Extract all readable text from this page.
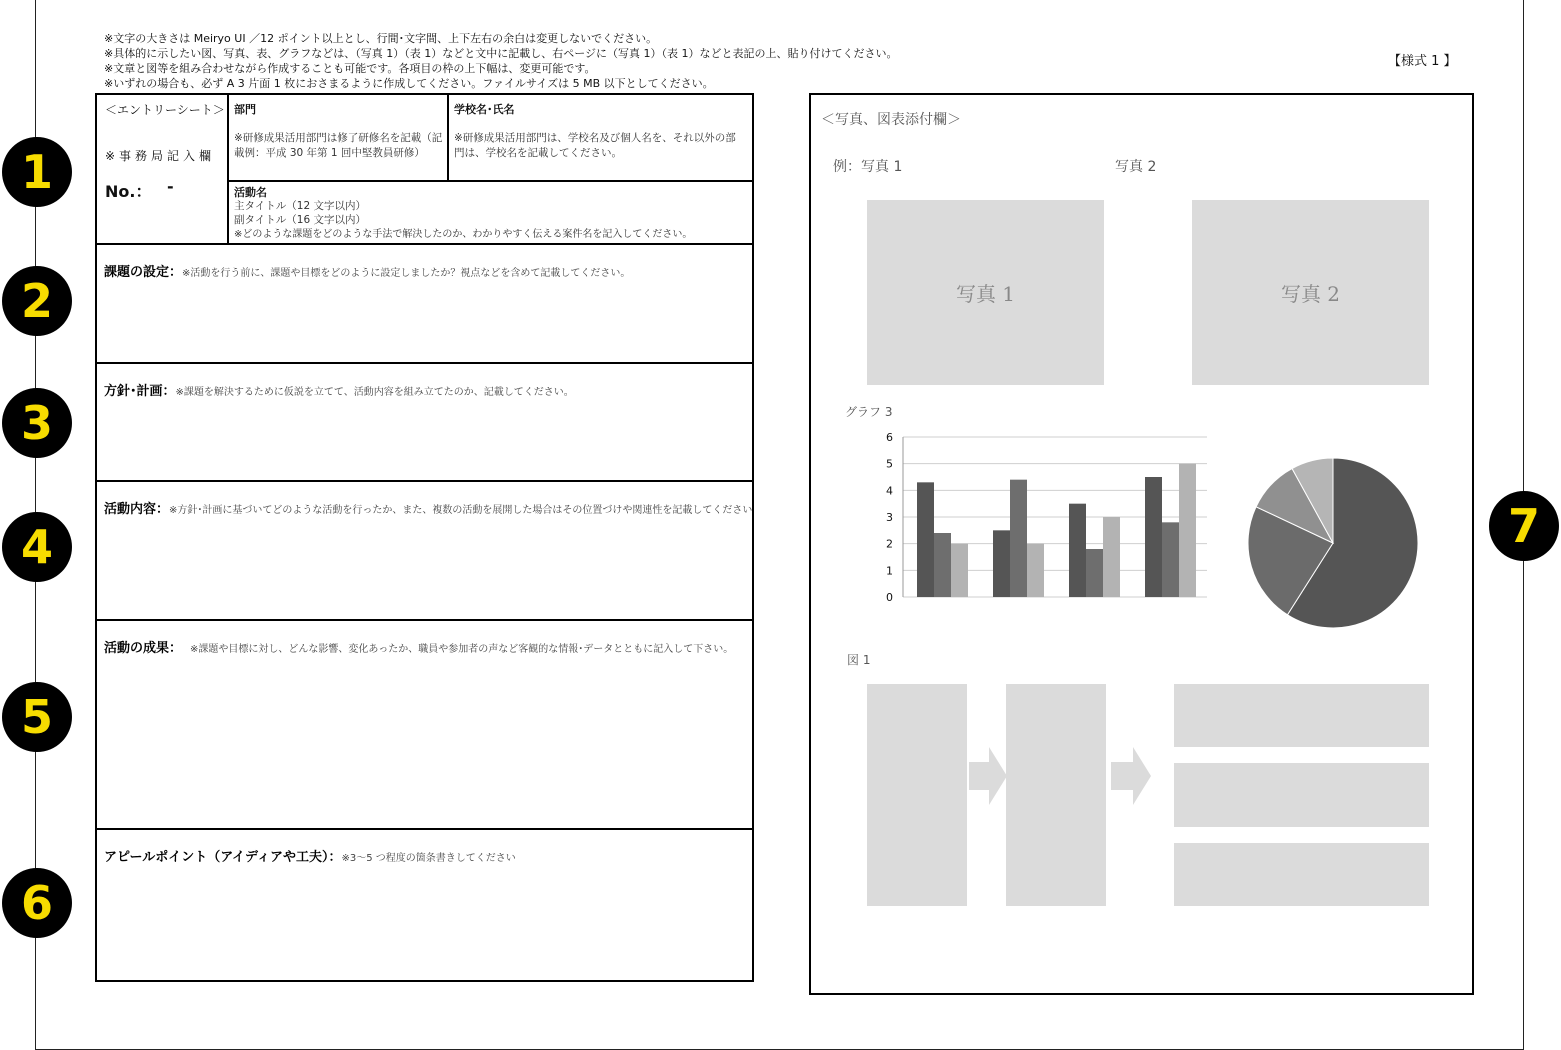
※文字の大きさは Meiryo UI ／12 ポイント以上とし、行間･文字間、上下左右の余白は変更しないでください。
※具体的に示したい図、写真、表、グラフなどは、（写真 1）（表 1）などと文中に記載し、右ページに（写真 1）（表 1）などと表記の上、貼り付けてください。
※文章と図等を組み合わせながら作成することも可能です。各項目の枠の上下幅は、変更可能です。
※いずれの場合も、必ず A 3 片面 1 枚におさまるように作成してください。ファイルサイズは 5 MB 以下としてください。
【様式 1 】
＜エントリーシート＞
※事務局記入欄
No.： -
部門
※研修成果活用部門は修了研修名を記載（記載例：平成 30 年第 1 回中堅教員研修）
学校名･氏名
※研修成果活用部門は、学校名及び個人名を、それ以外の部門は、学校名を記載してください。
活動名
主タイトル（12 文字以内）
副タイトル（16 文字以内）
※どのような課題をどのような手法で解決したのか、わかりやすく伝える案件名を記入してください。
課題の設定：※活動を行う前に、課題や目標をどのように設定しましたか？視点などを含めて記載してください。
方針･計画：※課題を解決するために仮説を立てて、活動内容を組み立てたのか、記載してください。
活動内容：※方針･計画に基づいてどのような活動を行ったか、また、複数の活動を展開した場合はその位置づけや関連性を記載してください
活動の成果： ※課題や目標に対し、どんな影響、変化あったか、職員や参加者の声など客観的な情報･データとともに記入して下さい。
アピールポイント（アイディアや工夫）：※3～5 つ程度の箇条書きしてください
1
2
3
4
5
6
7
＜写真、図表添付欄＞
例：写真 1	写真 2
写真 1	写真 2
グラフ 3
0
1
2
3
4
5
6
図 1
